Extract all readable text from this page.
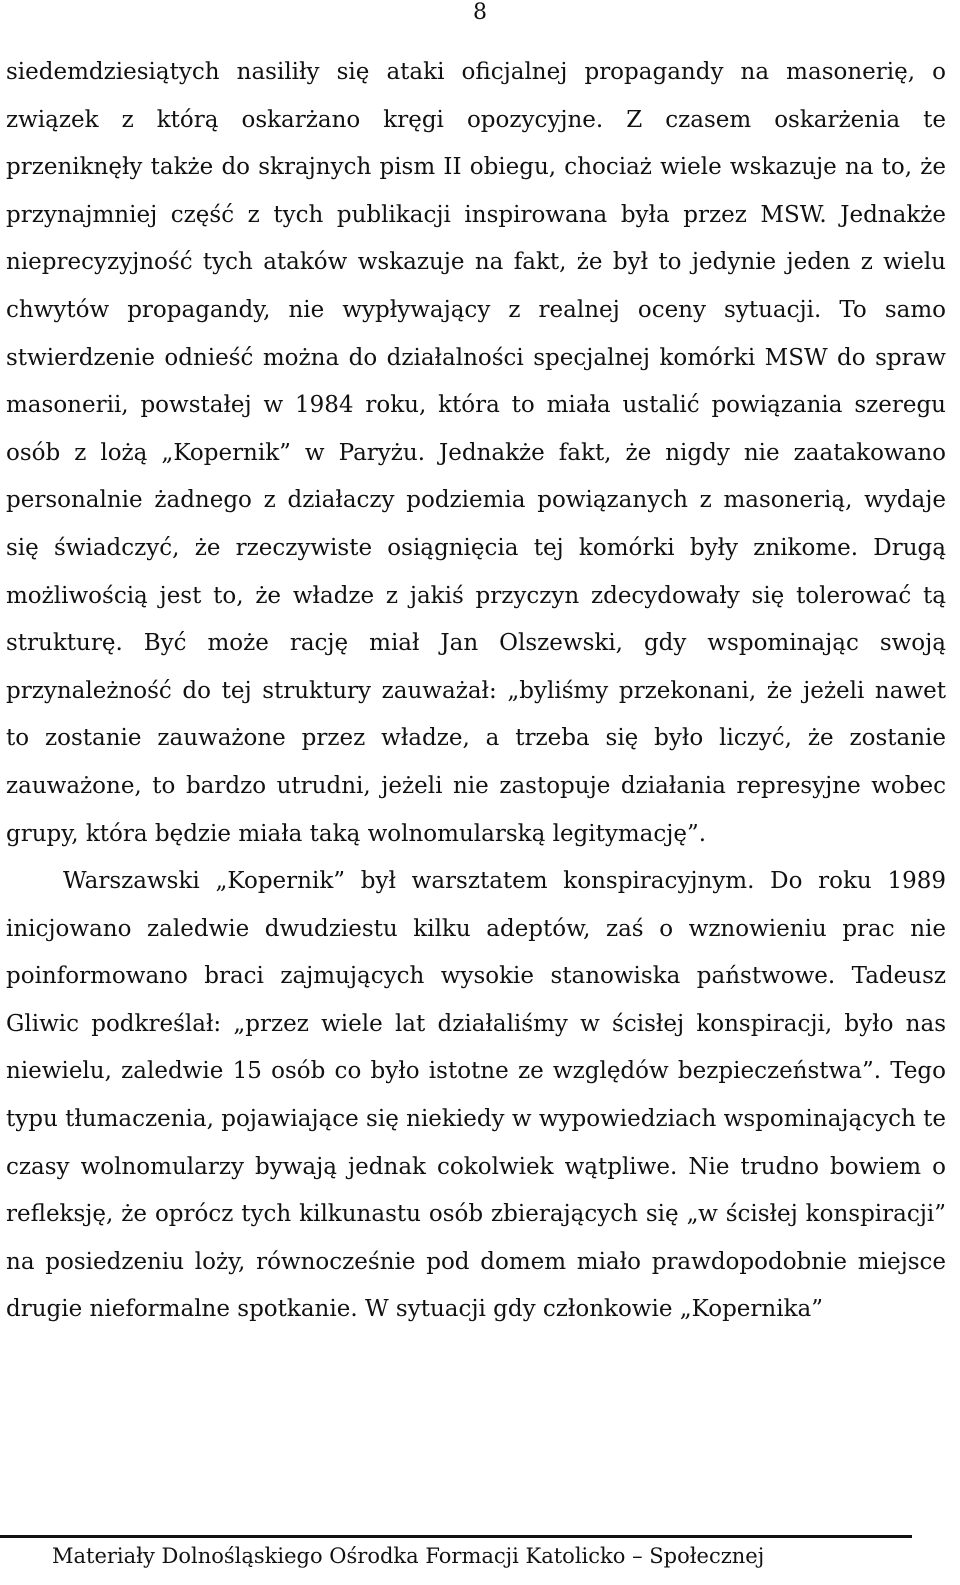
8

siedemdziesiątych nasiliły się ataki oficjalnej propagandy na masonerię, o związek z którą oskarżano kręgi opozycyjne. Z czasem oskarżenia te przeniknęły także do skrajnych pism II obiegu, chociaż wiele wskazuje na to, że przynajmniej część z tych publikacji inspirowana była przez MSW. Jednakże nieprecyzyjność tych ataków wskazuje na fakt, że był to jedynie jeden z wielu chwytów propagandy, nie wypływający z realnej oceny sytuacji. To samo stwierdzenie odnieść można do działalności specjalnej komórki MSW do spraw masonerii, powstałej w 1984 roku, która to miała ustalić powiązania szeregu osób z lożą „Kopernik” w Paryżu. Jednakże fakt, że nigdy nie zaatakowano personalnie żadnego z działaczy podziemia powiązanych z masonerią, wydaje się świadczyć, że rzeczywiste osiągnięcia tej komórki były znikome. Drugą możliwością jest to, że władze z jakiś przyczyn zdecydowały się tolerować tą strukturę. Być może rację miał Jan Olszewski, gdy wspominając swoją przynależność do tej struktury zauważał: „byliśmy przekonani, że jeżeli nawet to zostanie zauważone przez władze, a trzeba się było liczyć, że zostanie zauważone, to bardzo utrudni, jeżeli nie zastopuje działania represyjne wobec grupy, która będzie miała taką wolnomularską legitymację”.

Warszawski „Kopernik” był warsztatem konspiracyjnym. Do roku 1989 inicjowano zaledwie dwudziestu kilku adeptów, zaś o wznowieniu prac nie poinformowano braci zajmujących wysokie stanowiska państwowe. Tadeusz Gliwic podkreślał: „przez wiele lat działaliśmy w ścisłej konspiracji, było nas niewielu, zaledwie 15 osób co było istotne ze względów bezpieczeństwa”. Tego typu tłumaczenia, pojawiające się niekiedy w wypowiedziach wspominających te czasy wolnomularzy bywają jednak cokolwiek wątpliwe. Nie trudno bowiem o refleksję, że oprócz tych kilkunastu osób zbierających się „w ścisłej konspiracji” na posiedzeniu loży, równocześnie pod domem miało prawdopodobnie miejsce drugie nieformalne spotkanie. W sytuacji gdy członkowie „Kopernika”

Materiały Dolnośląskiego Ośrodka Formacji Katolicko – Społecznej
